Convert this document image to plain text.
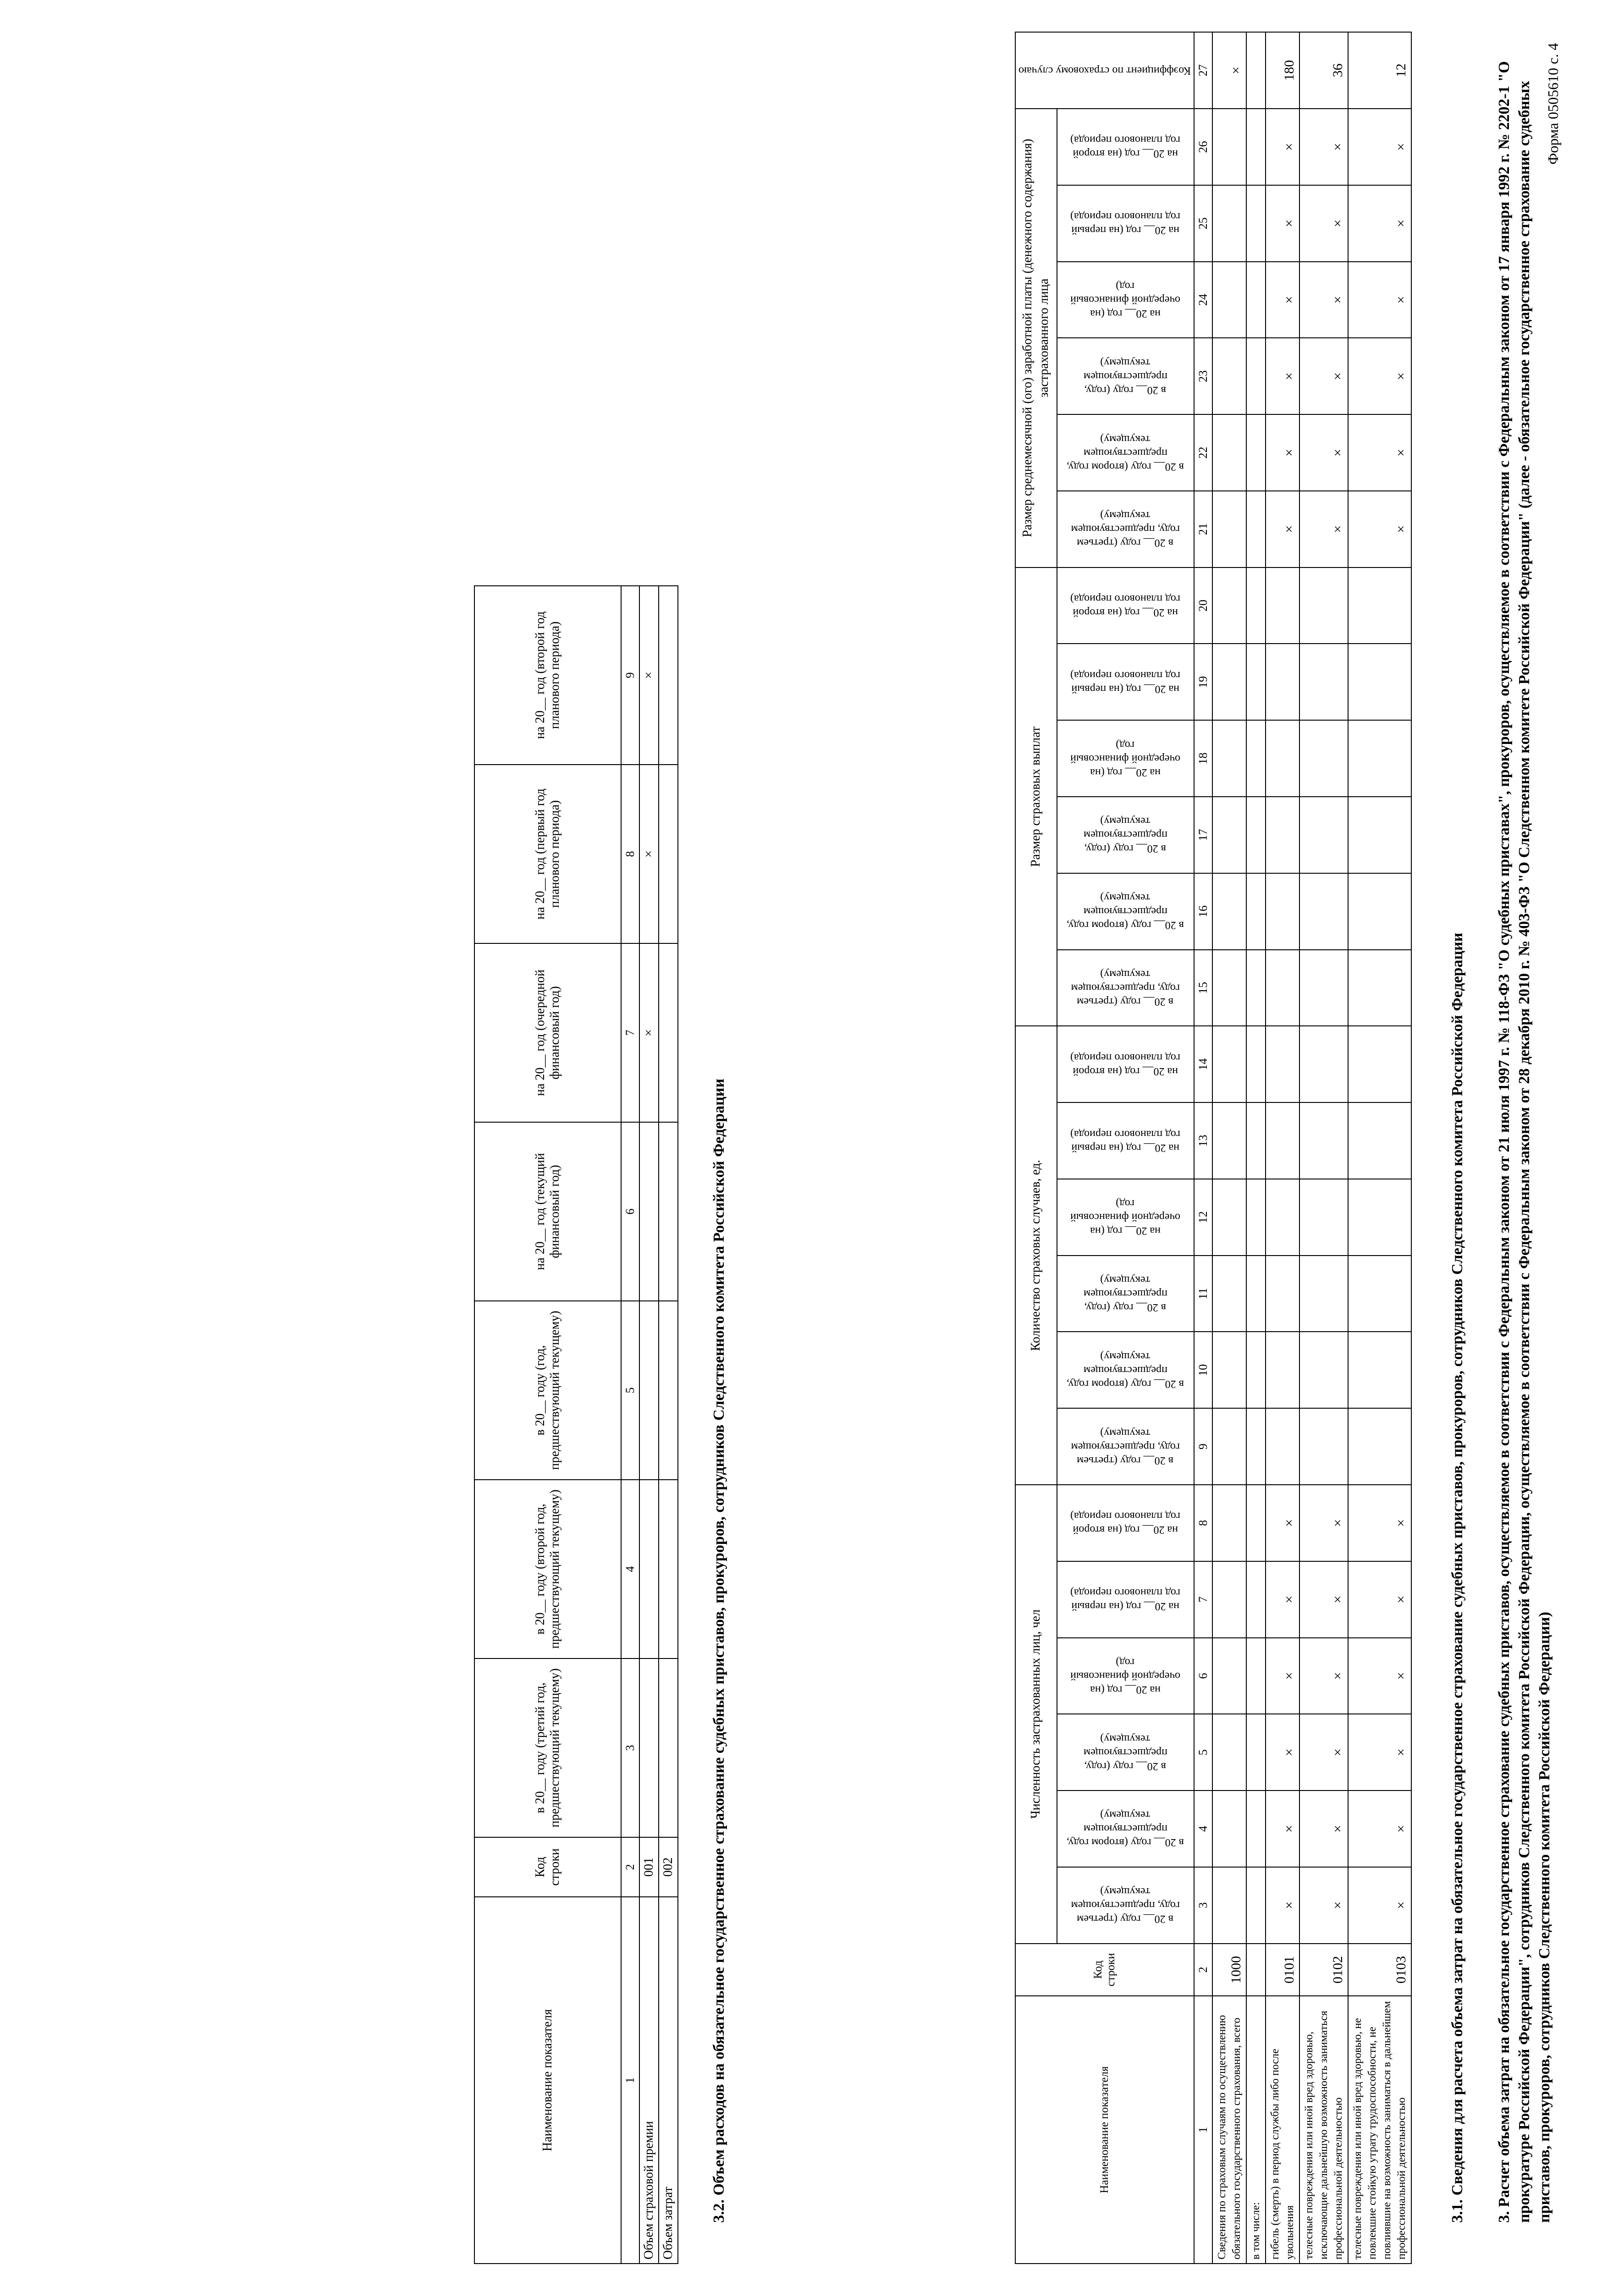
Форма 0505610 с. 4
3. Расчет объема затрат на обязательное государственное страхование судебных приставов, осуществляемое в соответствии с Федеральным законом от 21 июля 1997 г. № 118-ФЗ "О судебных приставах", прокуроров, осуществляемое в соответствии с Федеральным законом от 17 января 1992 г. № 2202-1 "О прокуратуре Российской Федерации", сотрудников Следственного комитета Российской Федерации, осуществляемое в соответствии с Федеральным законом от 28 декабря 2010 г. № 403-ФЗ "О Следственном комитете Российской Федерации" (далее - обязательное государственное страхование судебных приставов, прокуроров, сотрудников Следственного комитета Российской Федерации)
3.1. Сведения для расчета объема затрат на обязательное государственное страхование судебных приставов, прокуроров, сотрудников Следственного комитета Российской Федерации
Наименование показателя	Код строки	Численность застрахованных лиц, чел						Количество страховых случаев, ед.						Размер страховых выплат						Размер среднемесячной (ого) заработной платы (денежного содержания) застрахованного лица						Коэффициент по страховому случаю

		в 20__ году (третьем году, предшествующем текущему)	в 20__ году (втором году, предшествующем текущему)	в 20__ году (году, предшествующем текущему)	на 20__ год (на очередной финансовый год)	на 20__ год (на первый год планового периода)	на 20__ год (на второй год планового периода)	в 20__ году (третьем году, предшествующем текущему)	в 20__ году (втором году, предшествующем текущему)	в 20__ году (году, предшествующем текущему)	на 20__ год (на очередной финансовый год)	на 20__ год (на первый год планового периода)	на 20__ год (на второй год планового периода)	в 20__ году (третьем году, предшествующем текущему)	в 20__ году (втором году, предшествующем текущему)	в 20__ году (году, предшествующем текущему)	на 20__ год (на очередной финансовый год)	на 20__ год (на первый год планового периода)	на 20__ год (на второй год планового периода)	в 20__ году (третьем году, предшествующем текущему)	в 20__ году (втором году, предшествующем текущему)	в 20__ году (году, предшествующем текущему)	на 20__ год (на очередной финансовый год)	на 20__ год (на первый год планового периода)	на 20__ год (на второй год планового периода)	

1	2	3	4	5	6	7	8	9	10	11	12	13	14	15	16	17	18	19	20	21	22	23	24	25	26	27
Сведения по страховым случаям по осуществлению обязательного государственного страхования, всего	1000																									×
в том числе:																										
гибель (смерть) в период службы либо после увольнения	0101	×	×	×	×	×	×													×	×	×	×	×	×	180
телесные повреждения или иной вред здоровью, исключающие дальнейшую возможность заниматься профессиональной деятельностью	0102	×	×	×	×	×	×													×	×	×	×	×	×	36
телесные повреждения или иной вред здоровью, не повлекшие стойкую утрату трудоспособности, не повлиявшие на возможность заниматься в дальнейшем профессиональной деятельностью	0103	×	×	×	×	×	×													×	×	×	×	×	×	12
3.2. Объем расходов на обязательное государственное страхование судебных приставов, прокуроров, сотрудников Следственного комитета Российской Федерации
Наименование показателя	Код строки	в 20__ году (третий год, предшествующий текущему)	в 20__ году (второй год, предшествующий текущему)	в 20__ году (год, предшествующий текущему)	на 20__ год (текущий финансовый год)	на 20__ год (очередной финансовый год)	на 20__ год (первый год планового периода)	на 20__ год (второй год планового периода)
1	2	3	4	5	6	7	8	9
Объем страховой премии	001					×	×	×
Объем затрат	002							
